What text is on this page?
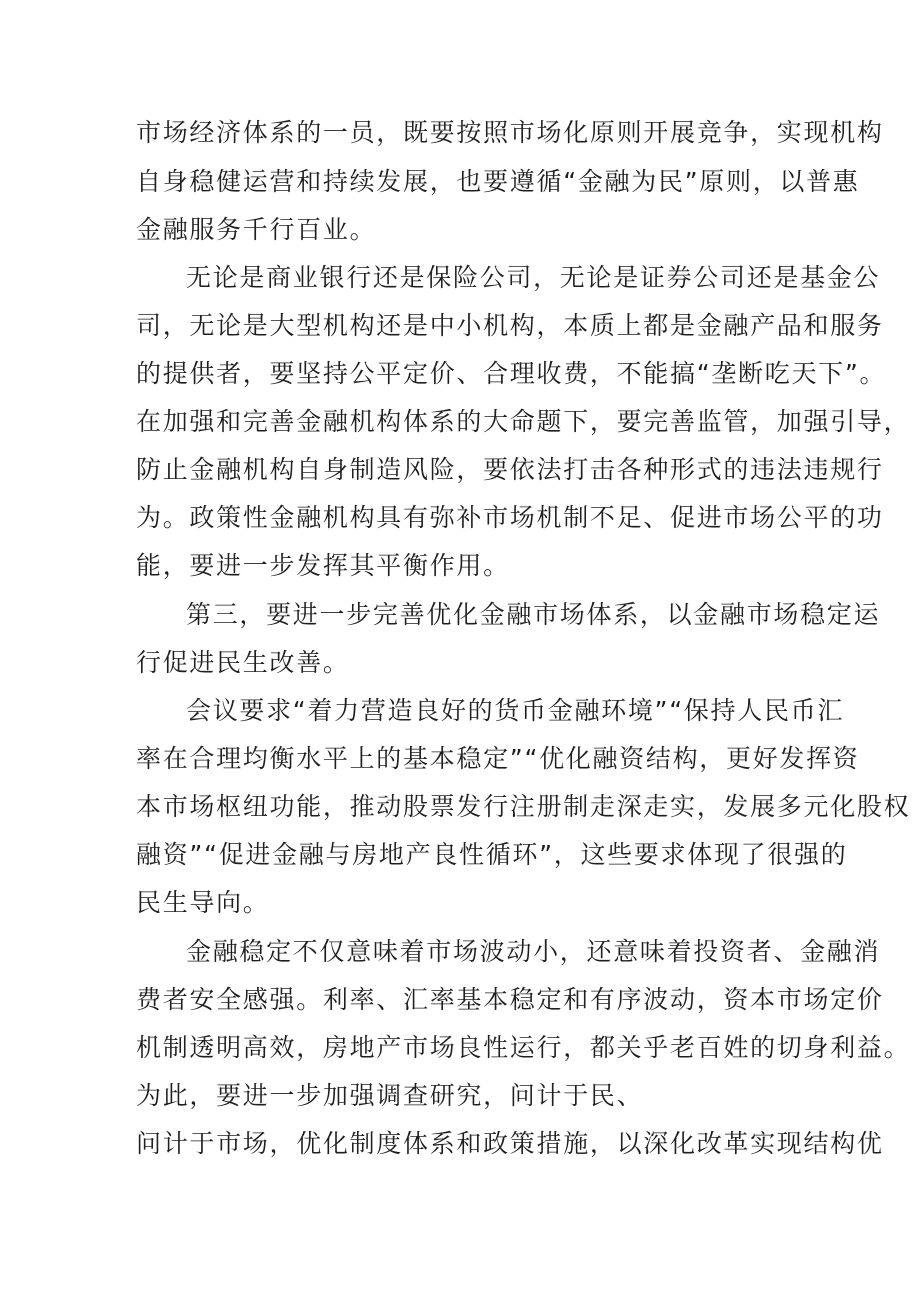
市场经济体系的一员，既要按照市场化原则开展竞争，实现机构

自身稳健运营和持续发展，也要遵循“金融为民”原则，以普惠

金融服务千行百业。

无论是商业银行还是保险公司，无论是证券公司还是基金公

司，无论是大型机构还是中小机构，本质上都是金融产品和服务

的提供者，要坚持公平定价、合理收费，不能搞“垄断吃天下”。

在加强和完善金融机构体系的大命题下，要完善监管，加强引导，

防止金融机构自身制造风险，要依法打击各种形式的违法违规行

为。政策性金融机构具有弥补市场机制不足、促进市场公平的功

能，要进一步发挥其平衡作用。

第三，要进一步完善优化金融市场体系，以金融市场稳定运

行促进民生改善。

会议要求“着力营造良好的货币金融环境”“保持人民币汇

率在合理均衡水平上的基本稳定”“优化融资结构，更好发挥资

本市场枢纽功能，推动股票发行注册制走深走实，发展多元化股权

融资”“促进金融与房地产良性循环”，这些要求体现了很强的

民生导向。

金融稳定不仅意味着市场波动小，还意味着投资者、金融消

费者安全感强。利率、汇率基本稳定和有序波动，资本市场定价

机制透明高效，房地产市场良性运行，都关乎老百姓的切身利益。

为此，要进一步加强调查研究，问计于民、

问计于市场，优化制度体系和政策措施，以深化改革实现结构优
